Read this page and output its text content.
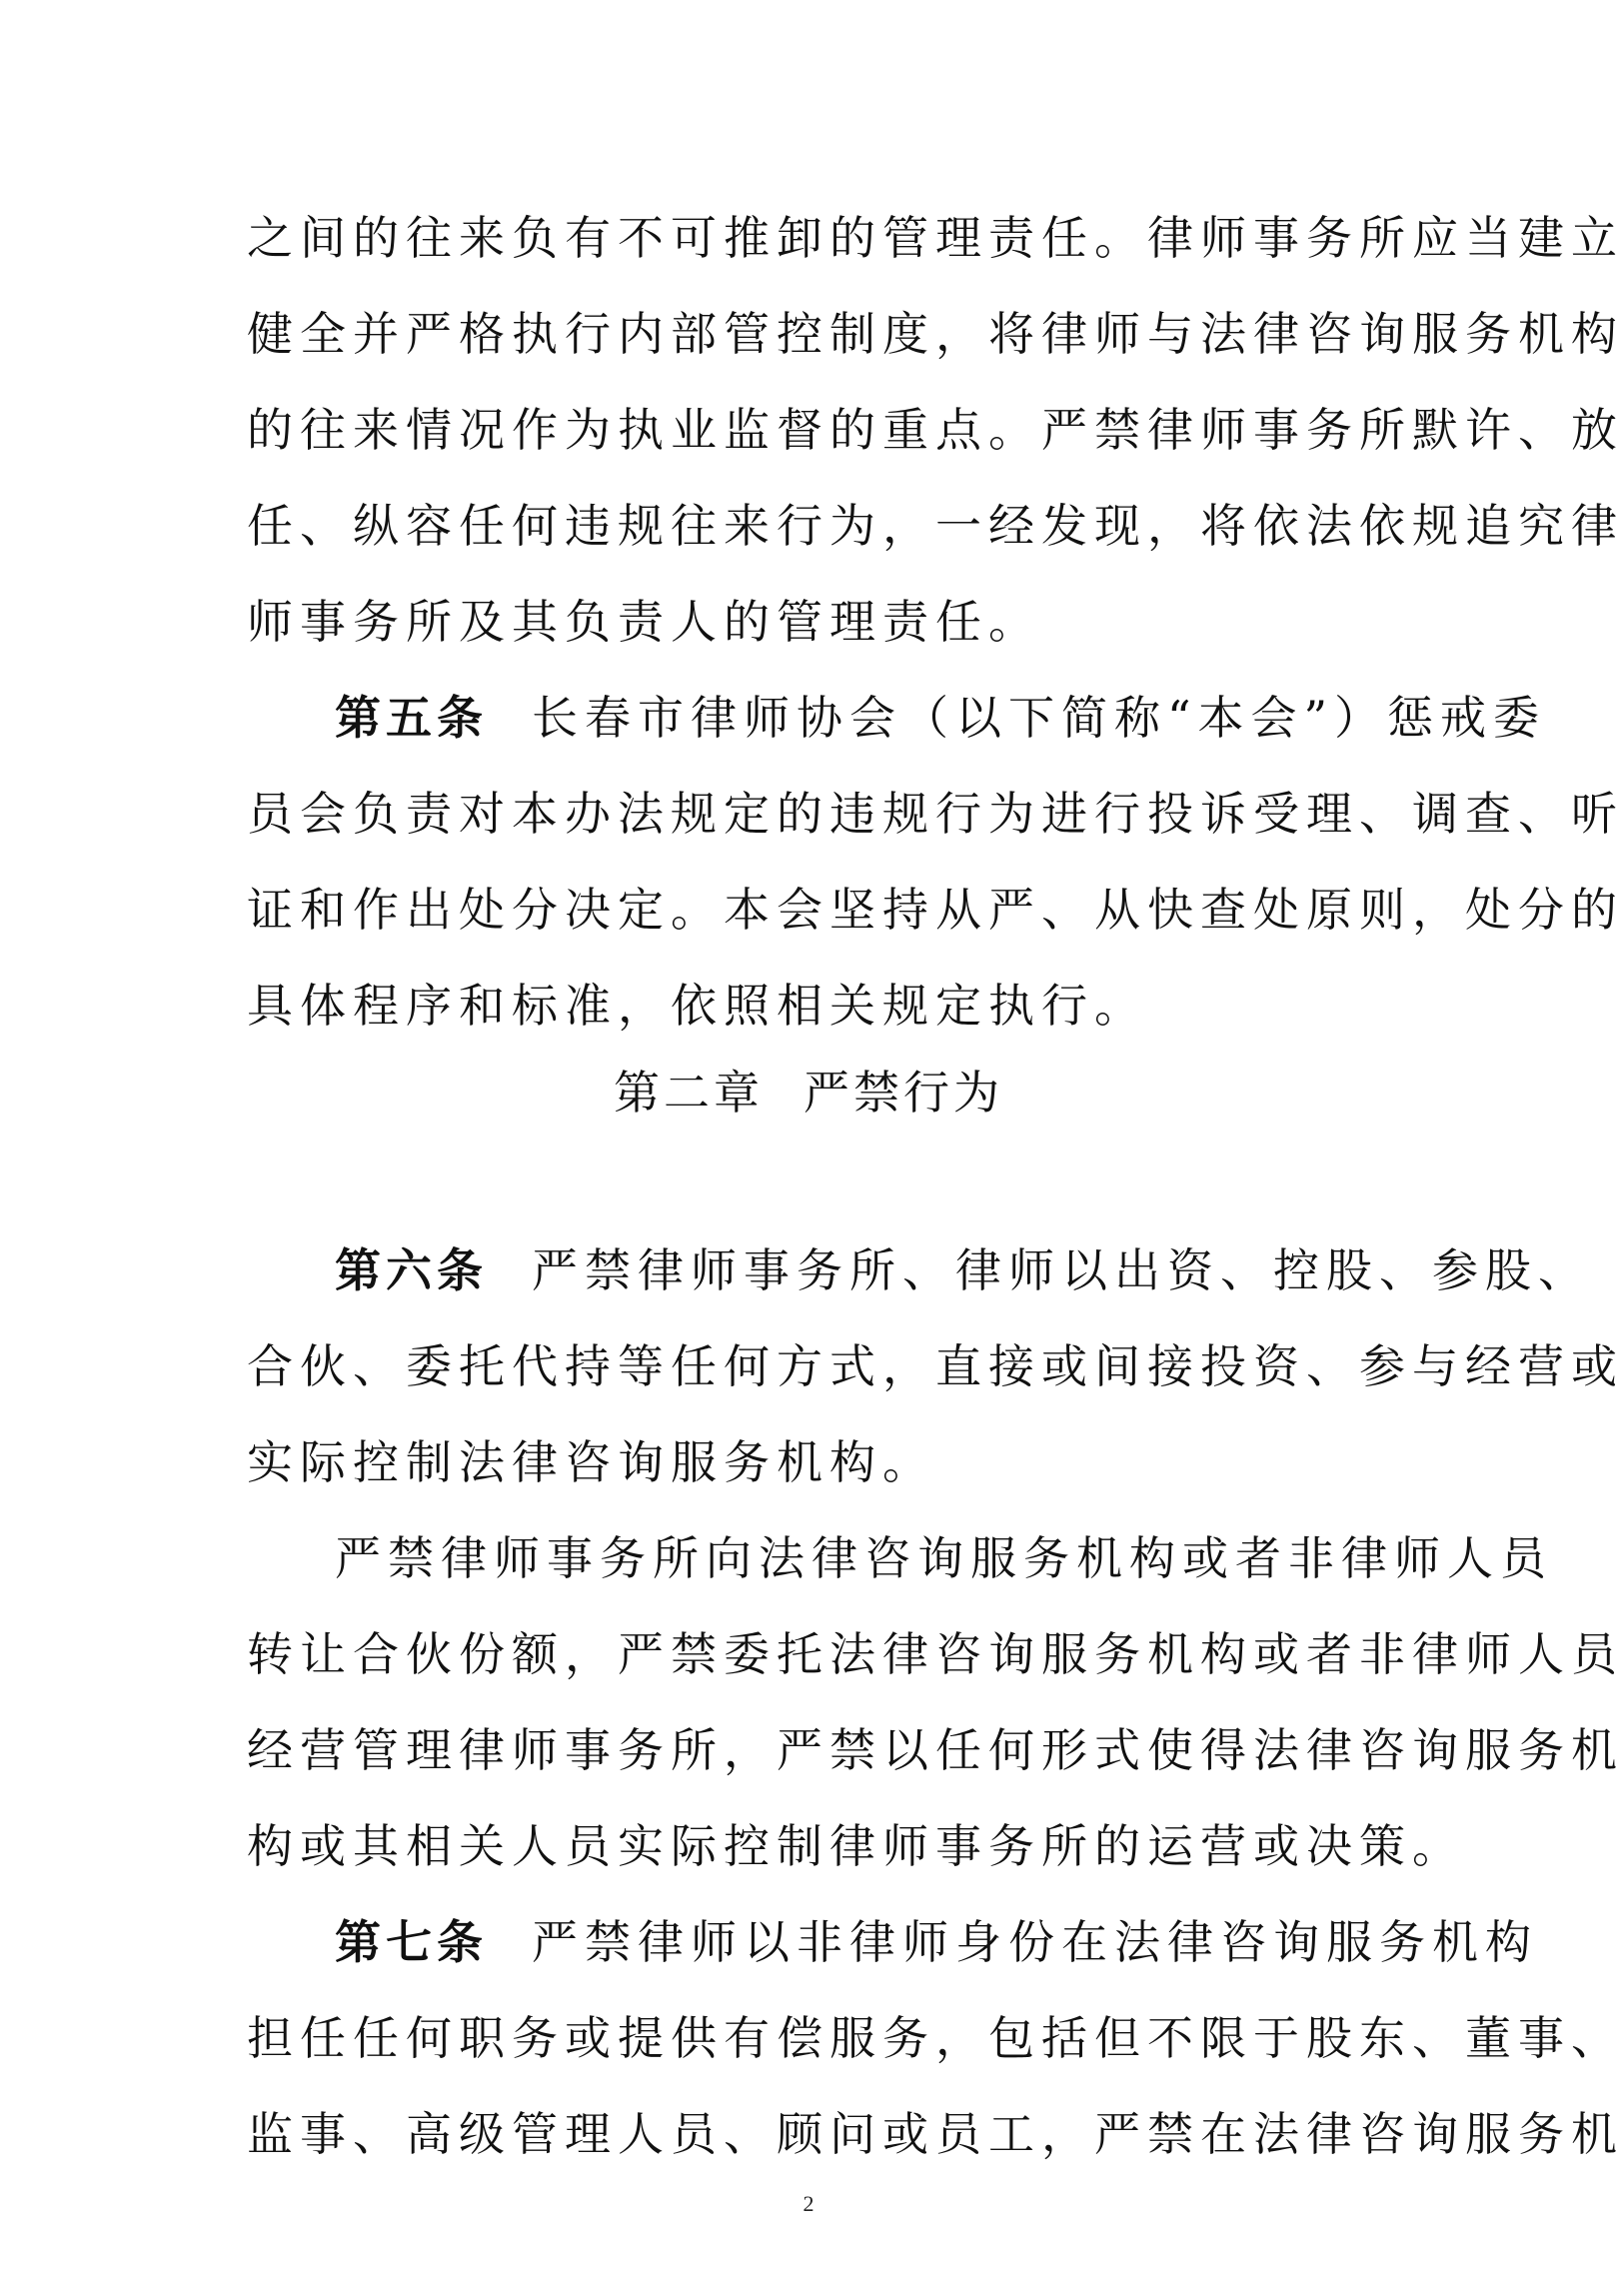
之间的往来负有不可推卸的管理责任。律师事务所应当建立
健全并严格执行内部管控制度，将律师与法律咨询服务机构
的往来情况作为执业监督的重点。严禁律师事务所默许、放
任、纵容任何违规往来行为，一经发现，将依法依规追究律
师事务所及其负责人的管理责任。
第五条 长春市律师协会（以下简称“本会”）惩戒委
员会负责对本办法规定的违规行为进行投诉受理、调查、听
证和作出处分决定。本会坚持从严、从快查处原则，处分的
具体程序和标准，依照相关规定执行。
第二章 严禁行为
第六条 严禁律师事务所、律师以出资、控股、参股、
合伙、委托代持等任何方式，直接或间接投资、参与经营或
实际控制法律咨询服务机构。
严禁律师事务所向法律咨询服务机构或者非律师人员
转让合伙份额，严禁委托法律咨询服务机构或者非律师人员
经营管理律师事务所，严禁以任何形式使得法律咨询服务机
构或其相关人员实际控制律师事务所的运营或决策。
第七条 严禁律师以非律师身份在法律咨询服务机构
担任任何职务或提供有偿服务，包括但不限于股东、董事、
监事、高级管理人员、顾问或员工，严禁在法律咨询服务机
2
